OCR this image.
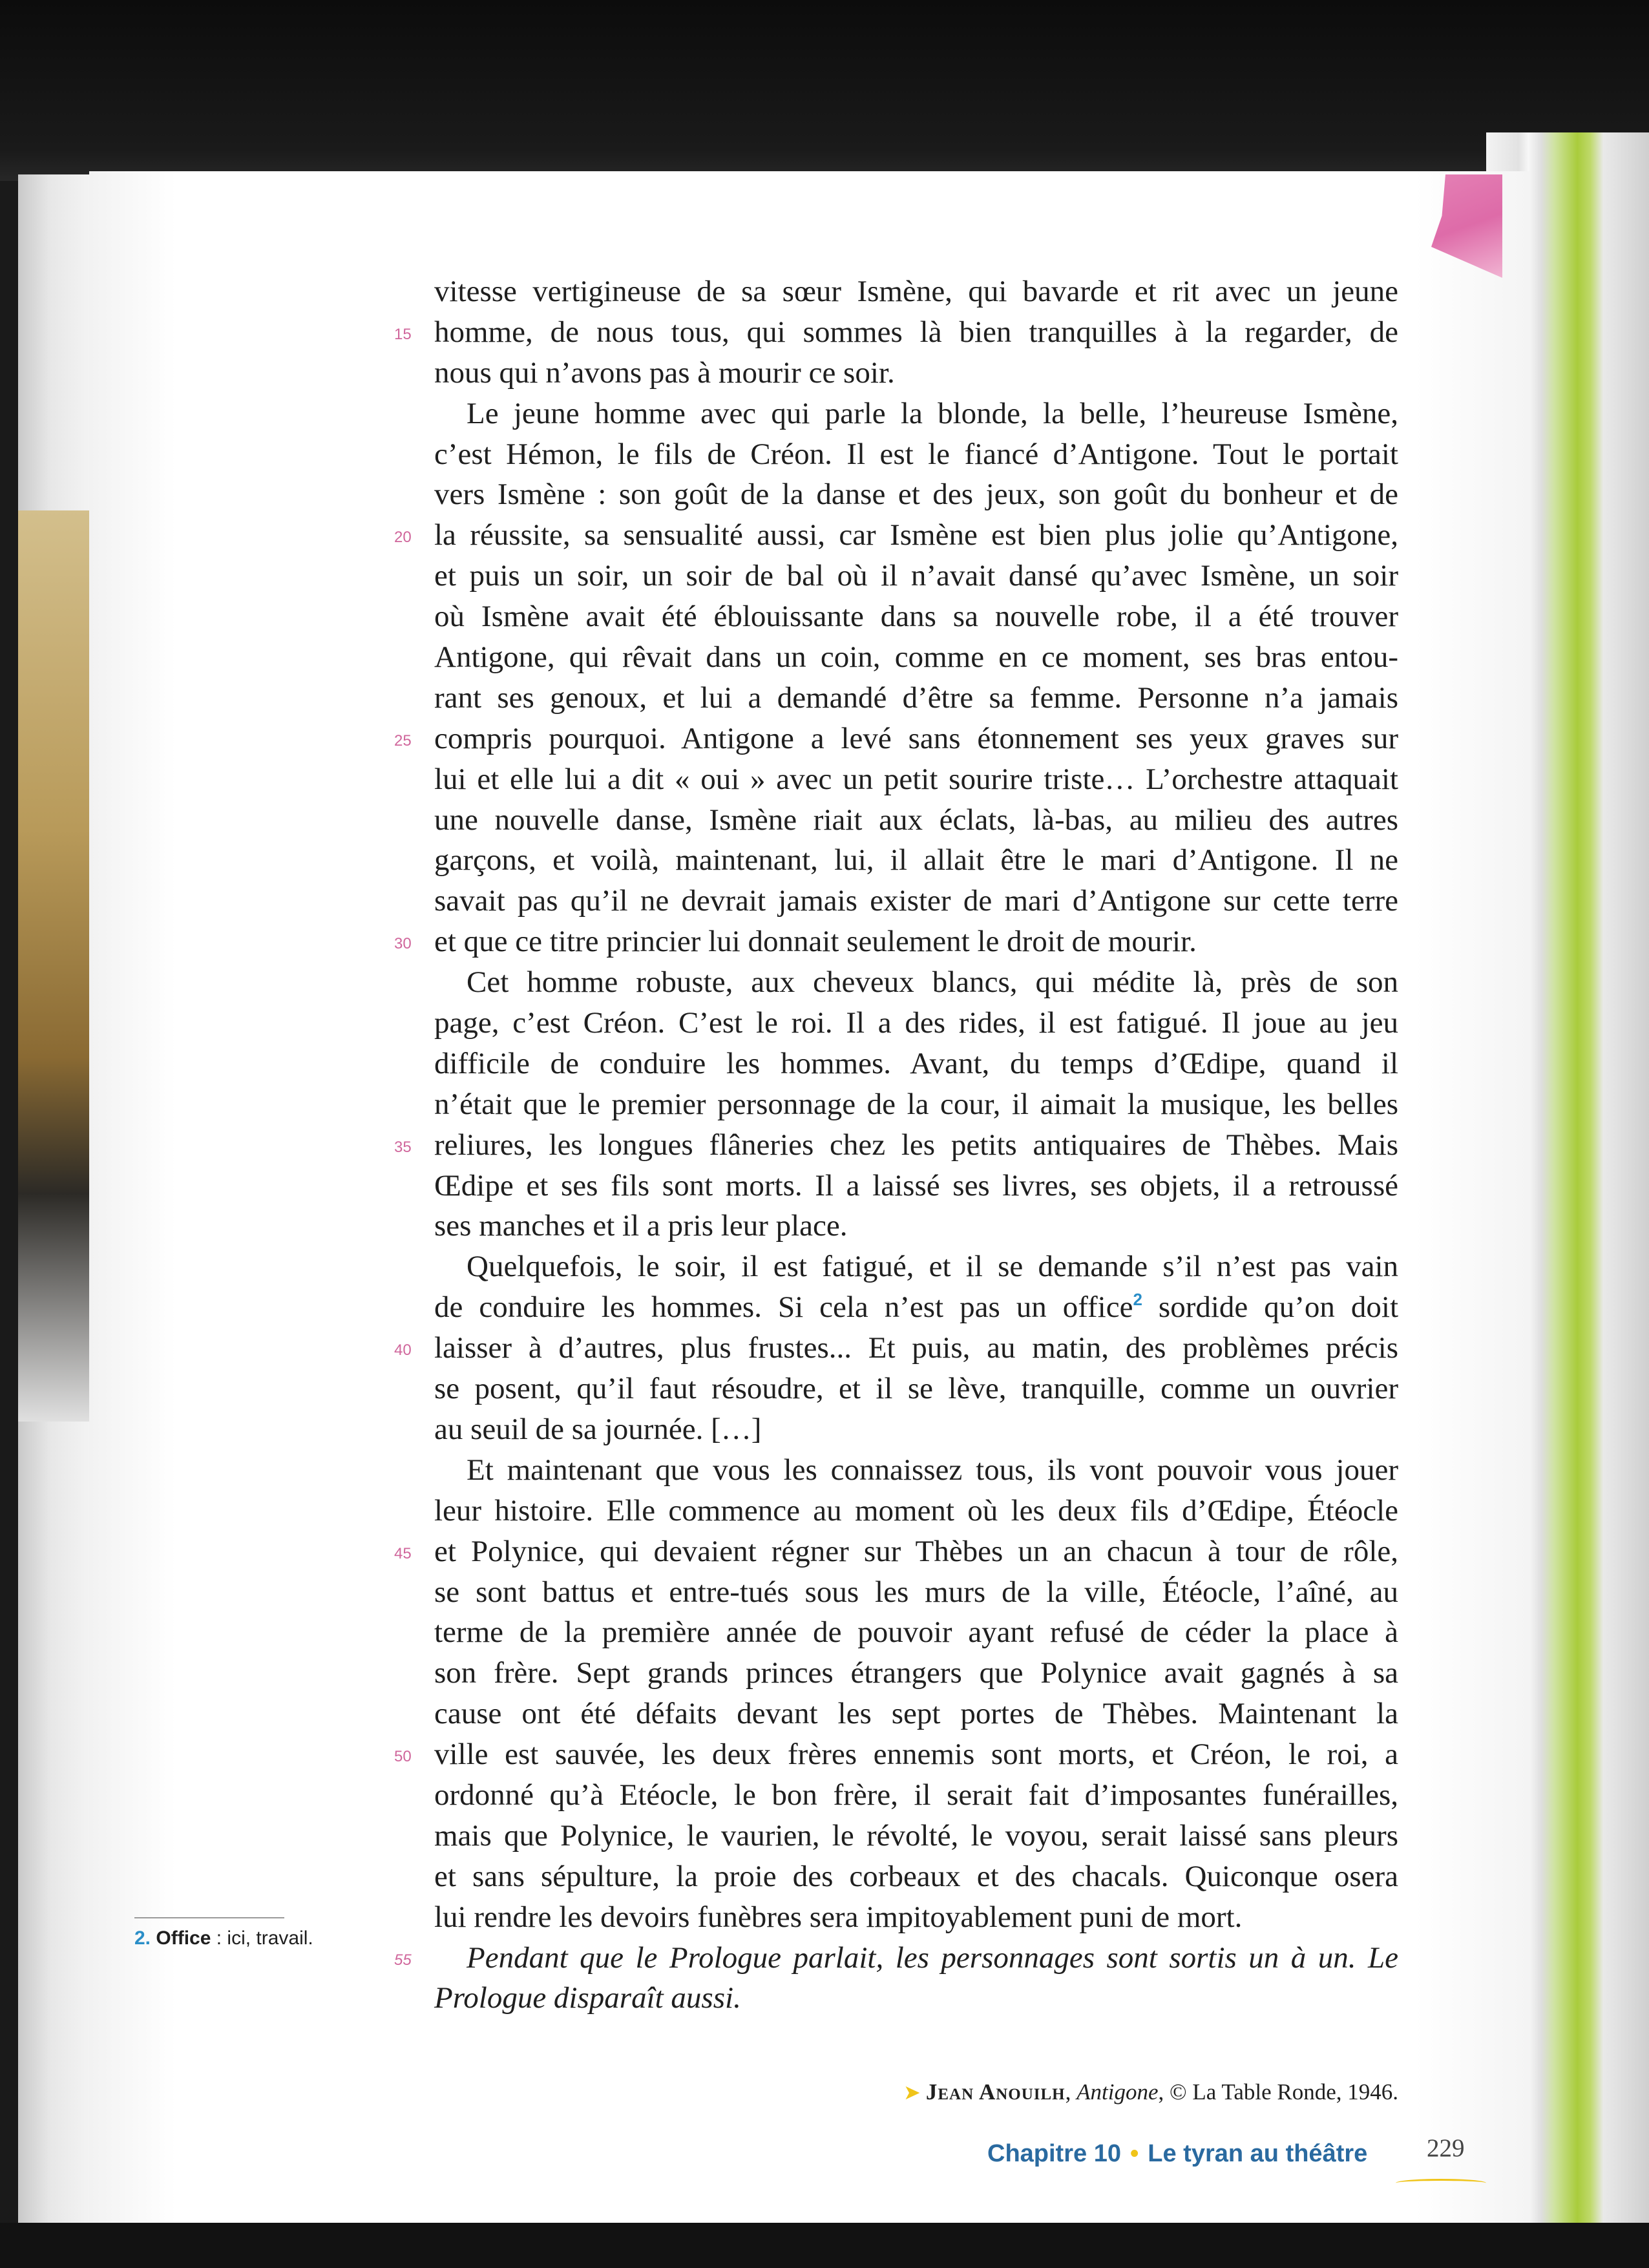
vitesse vertigineuse de sa sœur Ismène, qui bavarde et rit avec un jeune
15 homme, de nous tous, qui sommes là bien tranquilles à la regarder, de
nous qui n’avons pas à mourir ce soir.
Le jeune homme avec qui parle la blonde, la belle, l’heureuse Ismène,
c’est Hémon, le fils de Créon. Il est le fiancé d’Antigone. Tout le portait
vers Ismène : son goût de la danse et des jeux, son goût du bonheur et de
20 la réussite, sa sensualité aussi, car Ismène est bien plus jolie qu’Antigone,
et puis un soir, un soir de bal où il n’avait dansé qu’avec Ismène, un soir
où Ismène avait été éblouissante dans sa nouvelle robe, il a été trouver
Antigone, qui rêvait dans un coin, comme en ce moment, ses bras entou-
rant ses genoux, et lui a demandé d’être sa femme. Personne n’a jamais
25 compris pourquoi. Antigone a levé sans étonnement ses yeux graves sur
lui et elle lui a dit « oui » avec un petit sourire triste… L’orchestre attaquait
une nouvelle danse, Ismène riait aux éclats, là-bas, au milieu des autres
garçons, et voilà, maintenant, lui, il allait être le mari d’Antigone. Il ne
savait pas qu’il ne devrait jamais exister de mari d’Antigone sur cette terre
30 et que ce titre princier lui donnait seulement le droit de mourir.
Cet homme robuste, aux cheveux blancs, qui médite là, près de son
page, c’est Créon. C’est le roi. Il a des rides, il est fatigué. Il joue au jeu
difficile de conduire les hommes. Avant, du temps d’Œdipe, quand il
n’était que le premier personnage de la cour, il aimait la musique, les belles
35 reliures, les longues flâneries chez les petits antiquaires de Thèbes. Mais
Œdipe et ses fils sont morts. Il a laissé ses livres, ses objets, il a retroussé
ses manches et il a pris leur place.
Quelquefois, le soir, il est fatigué, et il se demande s’il n’est pas vain
de conduire les hommes. Si cela n’est pas un office$^2$ sordide qu’on doit
40 laisser à d’autres, plus frustes... Et puis, au matin, des problèmes précis
se posent, qu’il faut résoudre, et il se lève, tranquille, comme un ouvrier
au seuil de sa journée. […]
Et maintenant que vous les connaissez tous, ils vont pouvoir vous jouer
leur histoire. Elle commence au moment où les deux fils d’Œdipe, Étéocle
45 et Polynice, qui devaient régner sur Thèbes un an chacun à tour de rôle,
se sont battus et entre-tués sous les murs de la ville, Étéocle, l’aîné, au
terme de la première année de pouvoir ayant refusé de céder la place à
son frère. Sept grands princes étrangers que Polynice avait gagnés à sa
cause ont été défaits devant les sept portes de Thèbes. Maintenant la
50 ville est sauvée, les deux frères ennemis sont morts, et Créon, le roi, a
ordonné qu’à Etéocle, le bon frère, il serait fait d’imposantes funérailles,
mais que Polynice, le vaurien, le révolté, le voyou, serait laissé sans pleurs
et sans sépulture, la proie des corbeaux et des chacals. Quiconque osera
lui rendre les devoirs funèbres sera impitoyablement puni de mort.
55 Pendant que le Prologue parlait, les personnages sont sortis un à un. Le
Prologue disparaît aussi.
2. Office : ici, travail.
➤ Jean Anouilh, Antigone, © La Table Ronde, 1946.
Chapitre 10 • Le tyran au théâtre 229
